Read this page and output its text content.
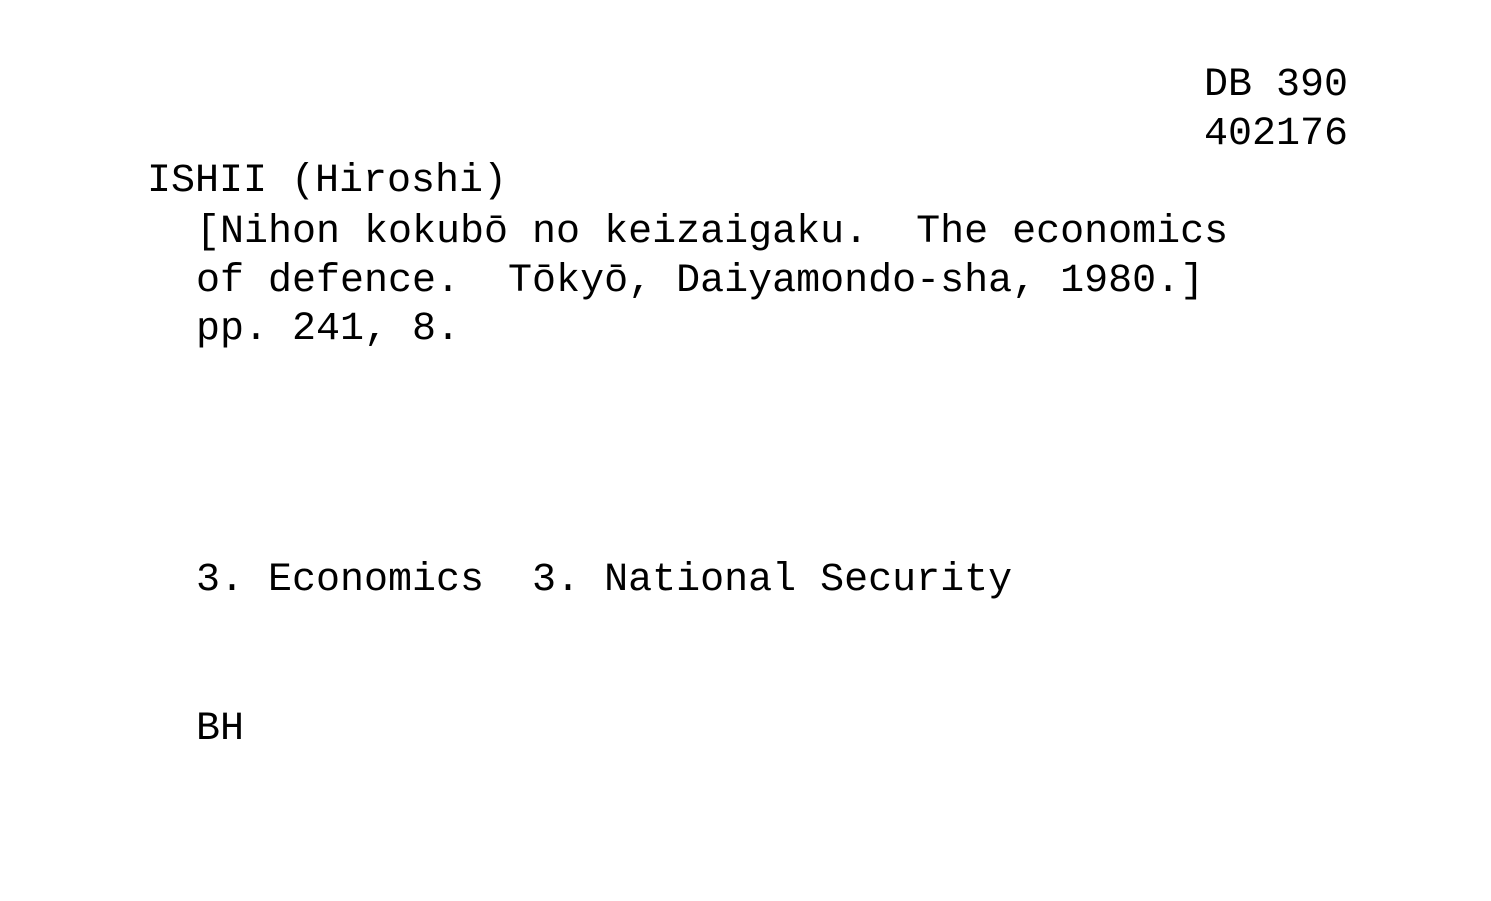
DB 390
402176
ISHII (Hiroshi)
[Nihon kokubō no keizaigaku.  The economics
of defence.  Tōkyō, Daiyamondo-sha, 1980.]
pp. 241, 8.
3. Economics  3. National Security
BH
